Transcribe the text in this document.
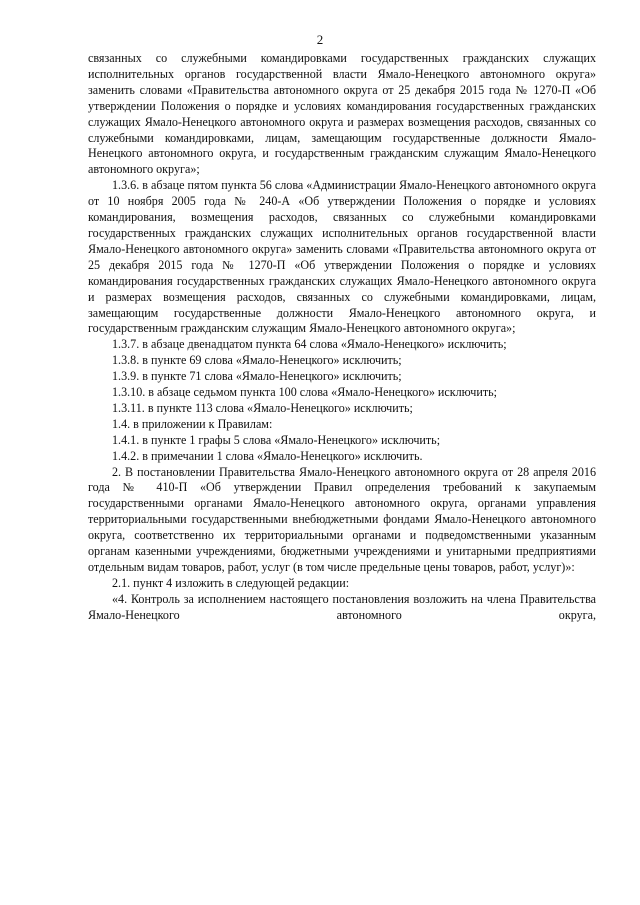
2

связанных со служебными командировками государственных гражданских служащих исполнительных органов государственной власти Ямало-Ненецкого автономного округа» заменить словами «Правительства автономного округа от 25 декабря 2015 года № 1270-П «Об утверждении Положения о порядке и условиях командирования государственных гражданских служащих Ямало-Ненецкого автономного округа и размерах возмещения расходов, связанных со служебными командировками, лицам, замещающим государственные должности Ямало-Ненецкого автономного округа, и государственным гражданским служащим Ямало-Ненецкого автономного округа»;

1.3.6. в абзаце пятом пункта 56 слова «Администрации Ямало-Ненецкого автономного округа от 10 ноября 2005 года № 240-А «Об утверждении Положения о порядке и условиях командирования, возмещения расходов, связанных со служебными командировками государственных гражданских служащих исполнительных органов государственной власти Ямало-Ненецкого автономного округа» заменить словами «Правительства автономного округа от 25 декабря 2015 года № 1270-П «Об утверждении Положения о порядке и условиях командирования государственных гражданских служащих Ямало-Ненецкого автономного округа и размерах возмещения расходов, связанных со служебными командировками, лицам, замещающим государственные должности Ямало-Ненецкого автономного округа, и государственным гражданским служащим Ямало-Ненецкого автономного округа»;

1.3.7. в абзаце двенадцатом пункта 64 слова «Ямало-Ненецкого» исключить;

1.3.8. в пункте 69 слова «Ямало-Ненецкого» исключить;

1.3.9. в пункте 71 слова «Ямало-Ненецкого» исключить;

1.3.10. в абзаце седьмом пункта 100 слова «Ямало-Ненецкого» исключить;

1.3.11. в пункте 113 слова «Ямало-Ненецкого» исключить;

1.4. в приложении к Правилам:

1.4.1. в пункте 1 графы 5 слова «Ямало-Ненецкого» исключить;

1.4.2. в примечании 1 слова «Ямало-Ненецкого» исключить.

2. В постановлении Правительства Ямало-Ненецкого автономного округа от 28 апреля 2016 года № 410-П «Об утверждении Правил определения требований к закупаемым государственными органами Ямало-Ненецкого автономного округа, органами управления территориальными государственными внебюджетными фондами Ямало-Ненецкого автономного округа, соответственно их территориальными органами и подведомственными указанным органам казенными учреждениями, бюджетными учреждениями и унитарными предприятиями отдельным видам товаров, работ, услуг (в том числе предельные цены товаров, работ, услуг)»:

2.1. пункт 4 изложить в следующей редакции:

«4. Контроль за исполнением настоящего постановления возложить на члена Правительства Ямало-Ненецкого автономного округа,
